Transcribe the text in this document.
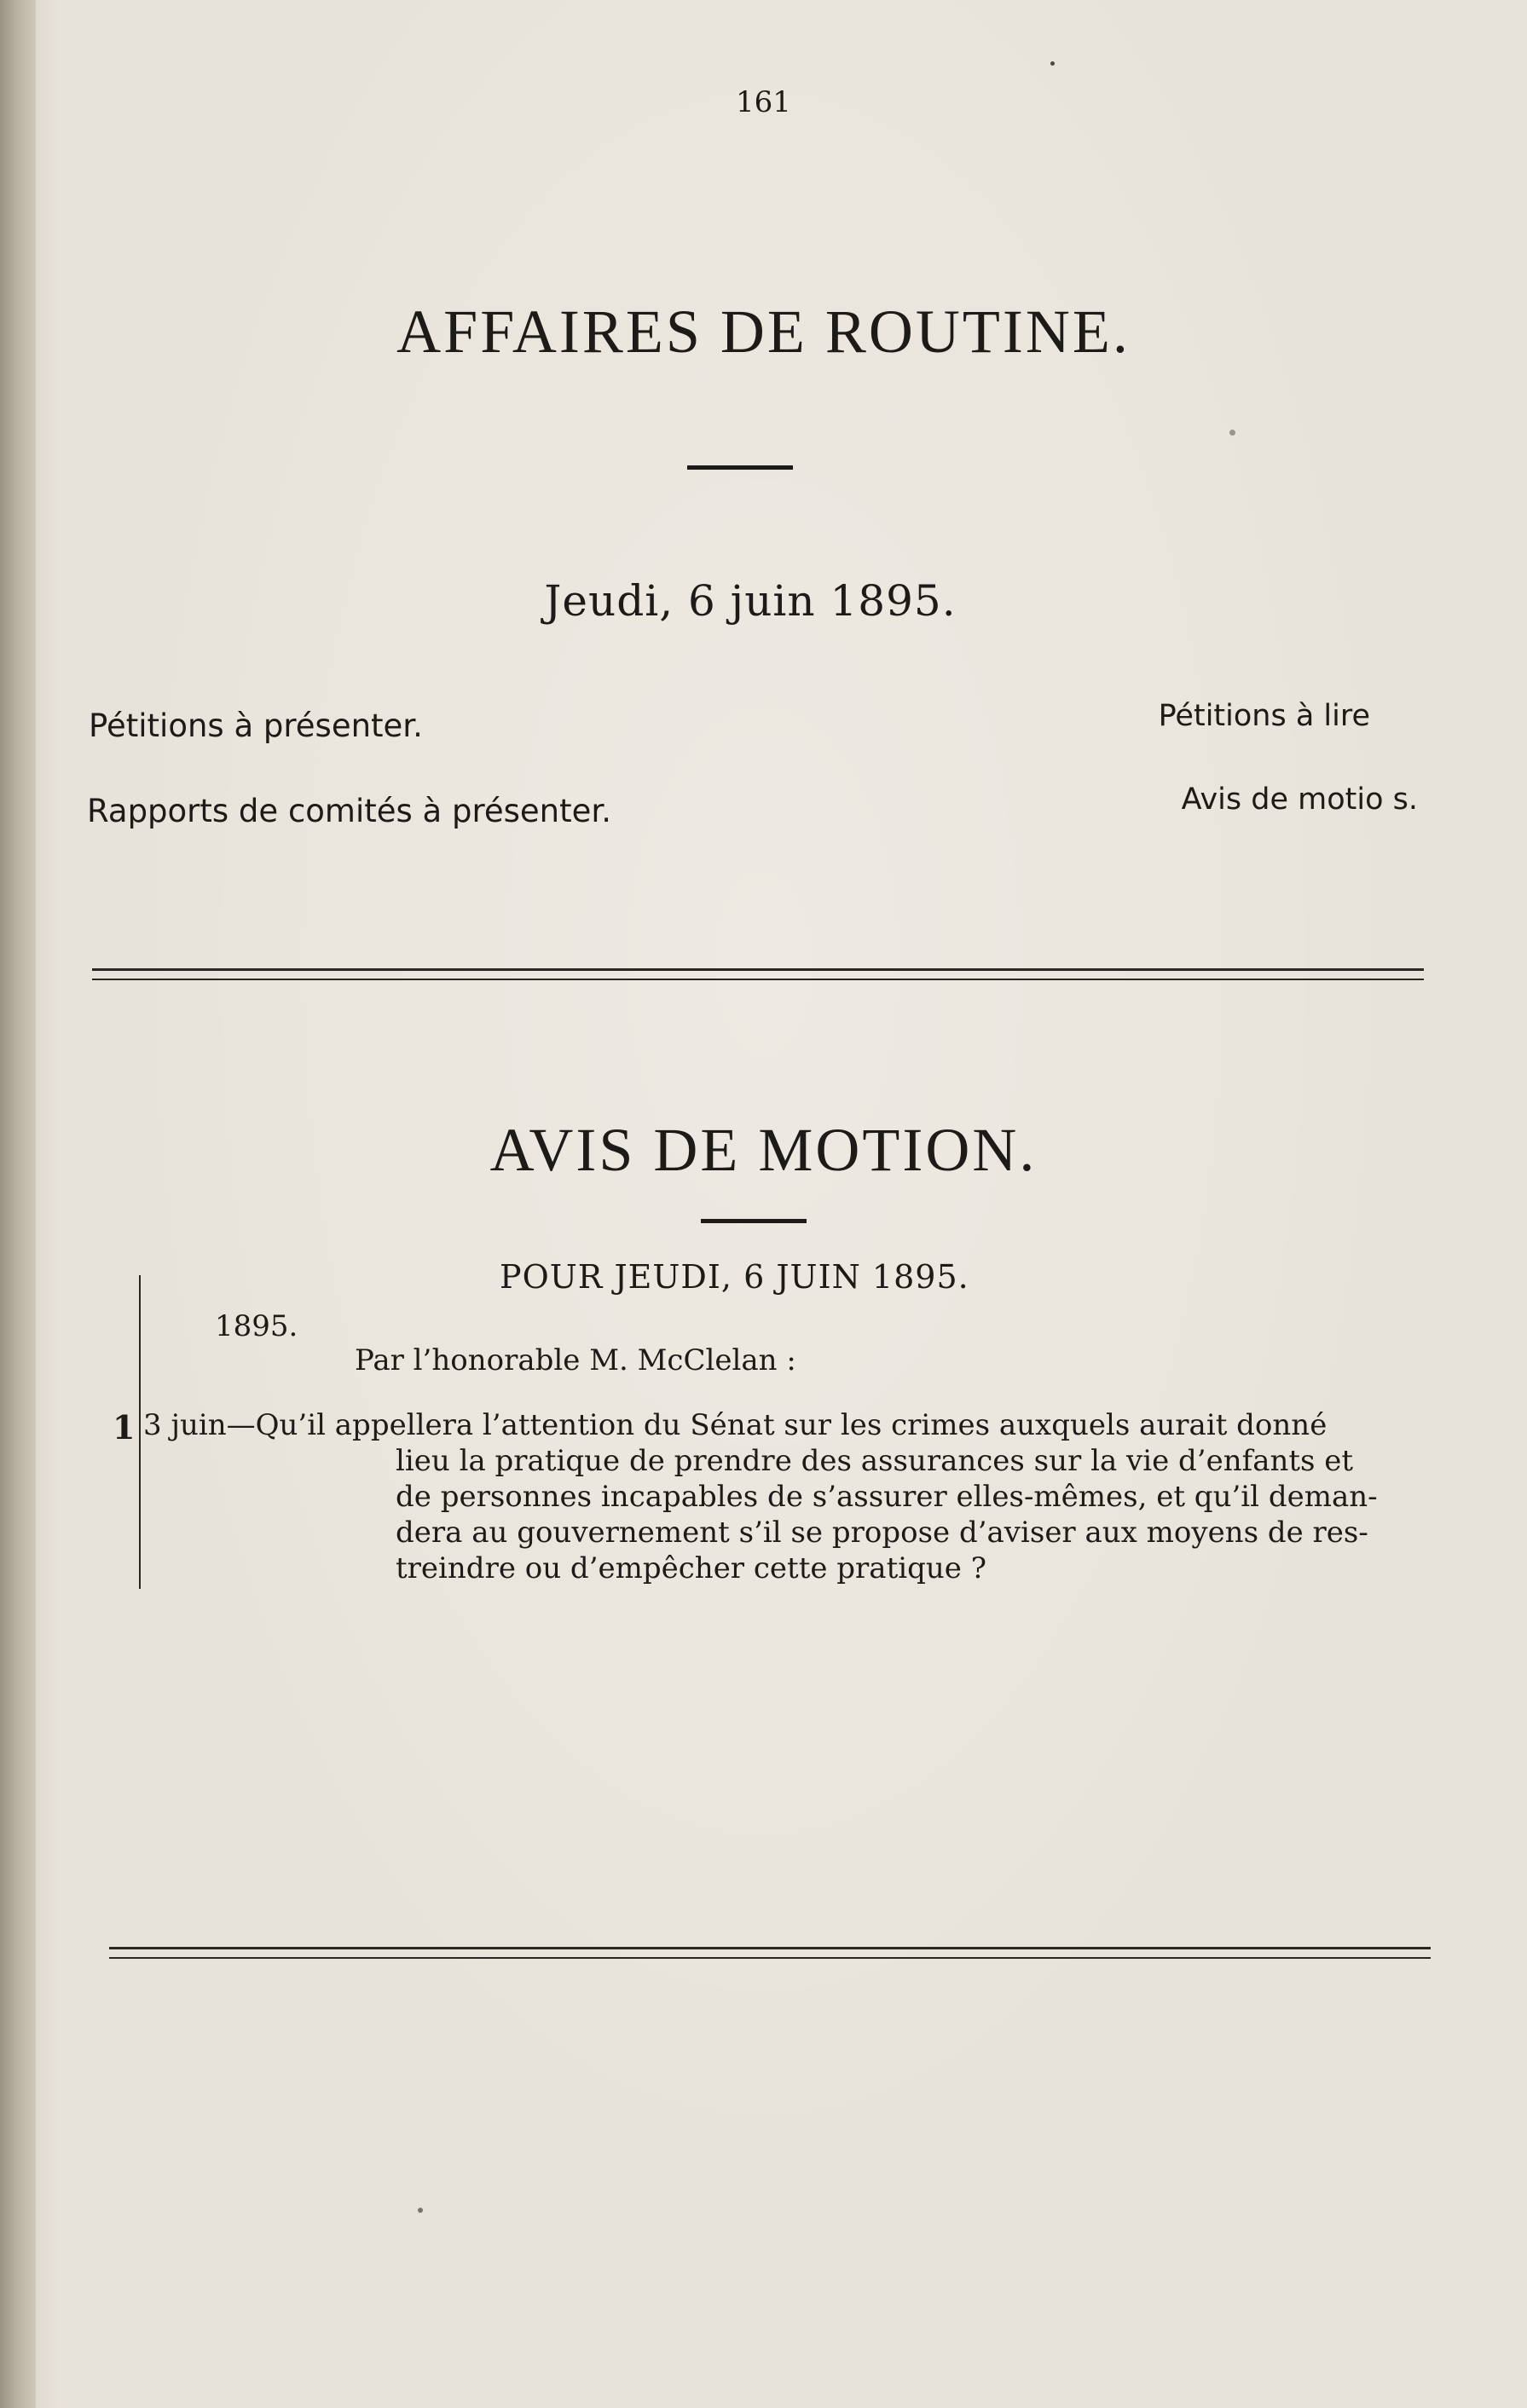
161
AFFAIRES DE ROUTINE.
Jeudi, 6 juin 1895.
Pétitions à présenter.
Rapports de comités à présenter.
Pétitions à lire
Avis de motio s.
AVIS DE MOTION.
POUR JEUDI, 6 JUIN 1895.
1895.
Par l’honorable M. McClelan :
1 3 juin—Qu’il appellera l’attention du Sénat sur les crimes auxquels aurait donné
lieu la pratique de prendre des assurances sur la vie d’enfants et
de personnes incapables de s’assurer elles-mêmes, et qu’il deman-
dera au gouvernement s’il se propose d’aviser aux moyens de res-
treindre ou d’empêcher cette pratique ?
